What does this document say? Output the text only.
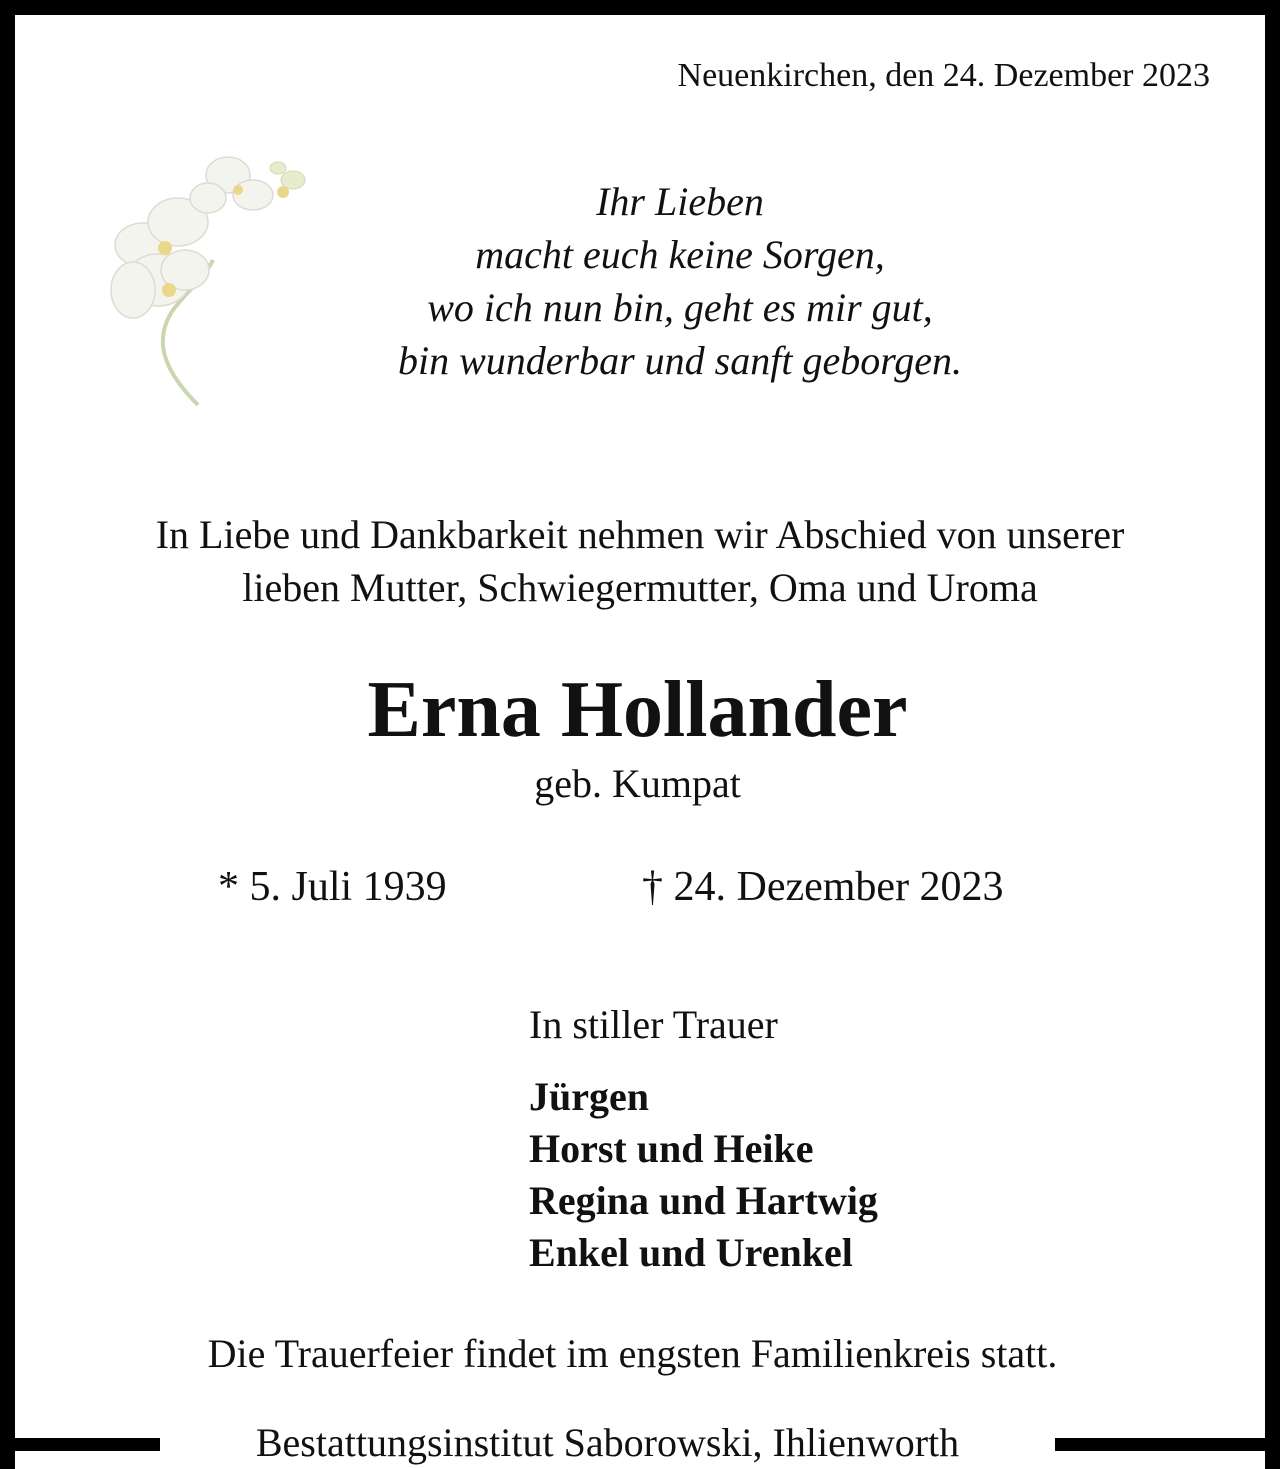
Neuenkirchen, den 24. Dezember 2023
Ihr Lieben
macht euch keine Sorgen,
wo ich nun bin, geht es mir gut,
bin wunderbar und sanft geborgen.
In Liebe und Dankbarkeit nehmen wir Abschied von unserer
lieben Mutter, Schwiegermutter, Oma und Uroma
Erna Hollander
geb. Kumpat
* 5. Juli 1939	† 24. Dezember 2023
In stiller Trauer
Jürgen
Horst und Heike
Regina und Hartwig
Enkel und Urenkel
Die Trauerfeier findet im engsten Familienkreis statt.
Bestattungsinstitut Saborowski, Ihlienworth
